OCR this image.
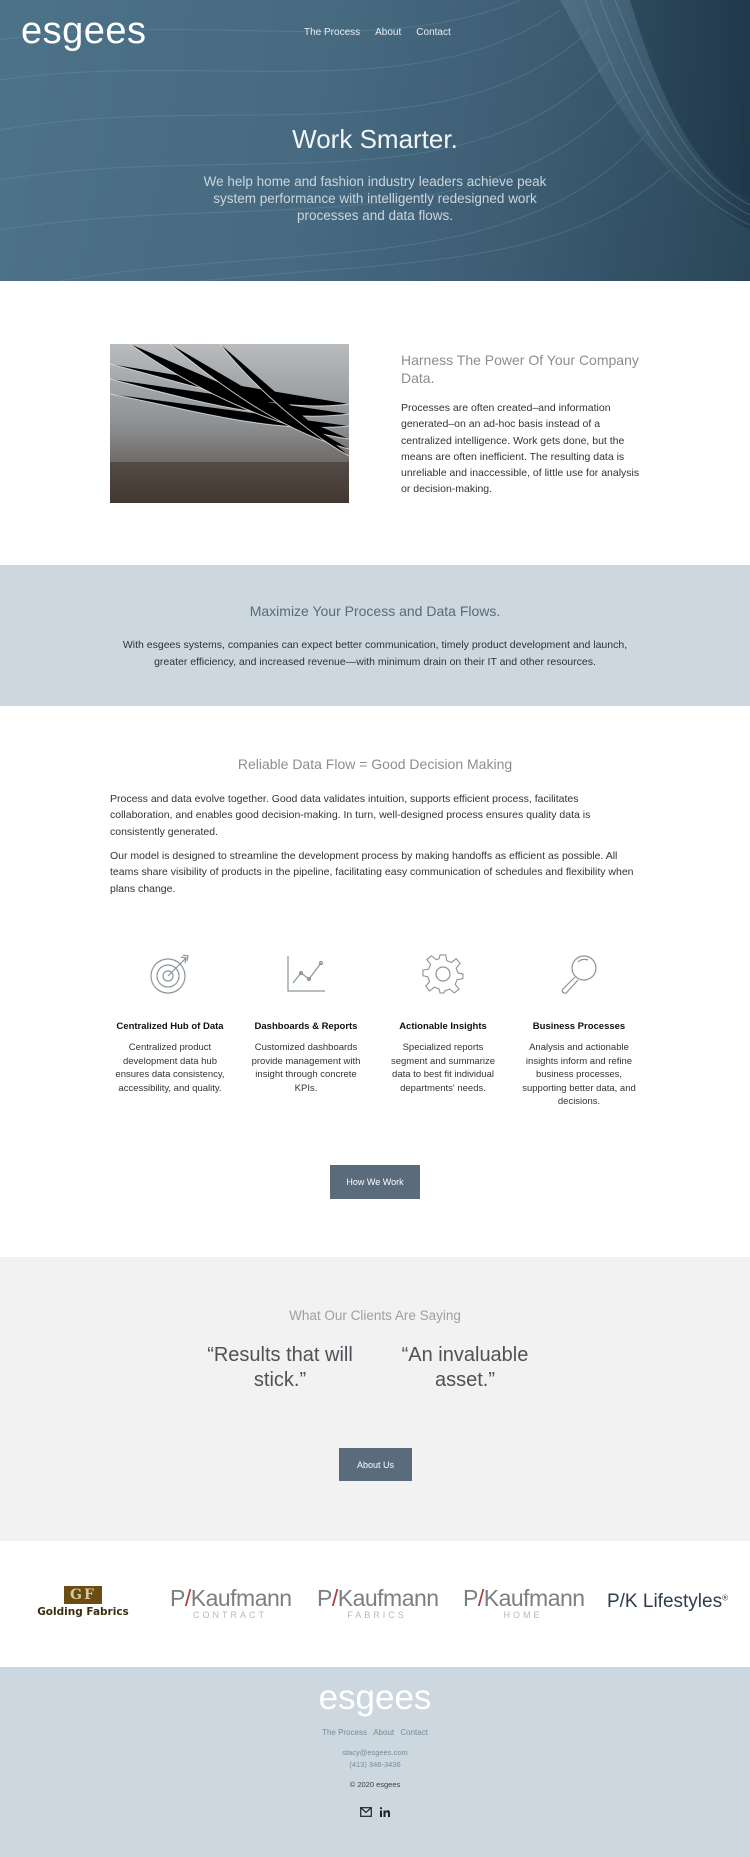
esgees	The Process About Contact
Work Smarter.

We help home and fashion industry leaders achieve peak system performance with intelligently redesigned work processes and data flows.

Harness The Power Of Your Company Data.

Processes are often created–and information generated–on an ad-hoc basis instead of a centralized intelligence. Work gets done, but the means are often inefficient. The resulting data is unreliable and inaccessible, of little use for analysis or decision-making.

Maximize Your Process and Data Flows.

With esgees systems, companies can expect better communication, timely product development and launch, greater efficiency, and increased revenue—with minimum drain on their IT and other resources.

Reliable Data Flow = Good Decision Making

Process and data evolve together. Good data validates intuition, supports efficient process, facilitates collaboration, and enables good decision-making. In turn, well-designed process ensures quality data is consistently generated.

Our model is designed to streamline the development process by making handoffs as efficient as possible. All teams share visibility of products in the pipeline, facilitating easy communication of schedules and flexibility when plans change.

Centralized Hub of Data

Centralized product development data hub ensures data consistency, accessibility, and quality.

Dashboards & Reports

Customized dashboards provide management with insight through concrete KPIs.

Actionable Insights

Specialized reports segment and summarize data to best fit individual departments' needs.

Business Processes

Analysis and actionable insights inform and refine business processes, supporting better data, and decisions.

How We Work
What Our Clients Are Saying
“Results that will stick.”
“An invaluable asset.”
About Us
GF
Golding Fabrics
P/Kaufmann
CONTRACT
P/Kaufmann
FABRICS
P/Kaufmann
HOME
P/K Lifestyles®
esgees
The Process About Contact
stacy@esgees.com
(413) 346-3436
© 2020 esgees
